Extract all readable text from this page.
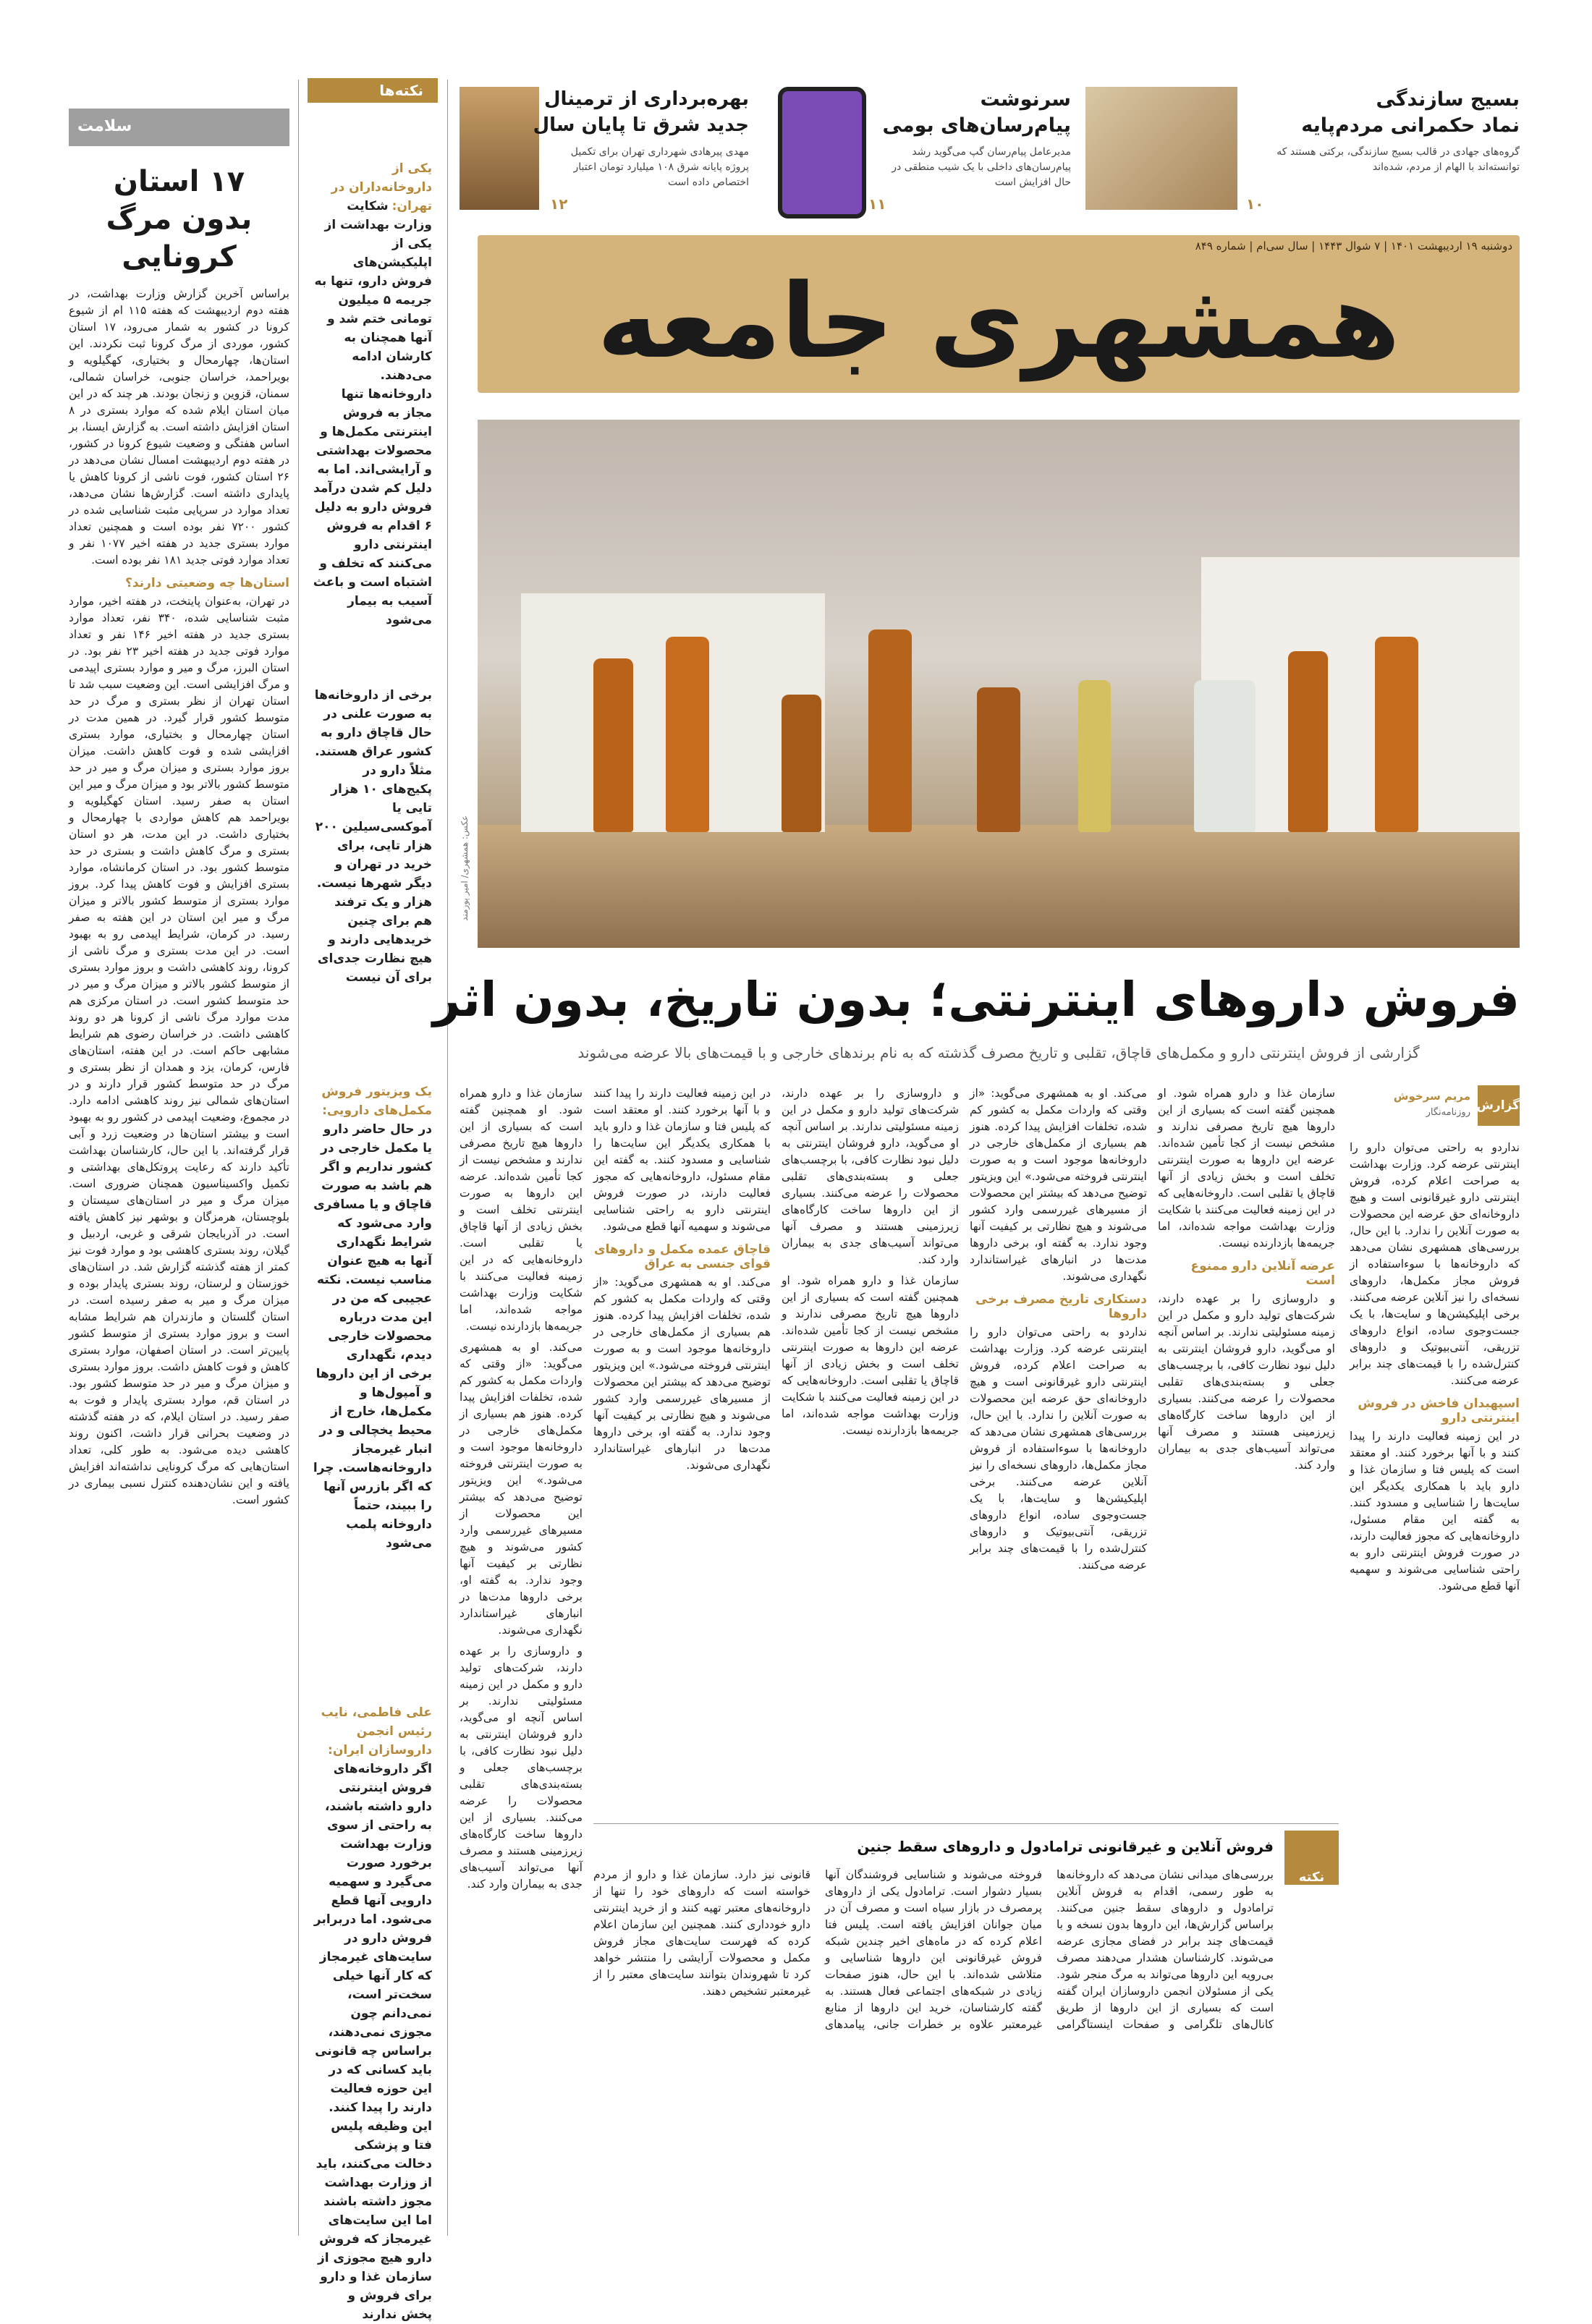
سلامت
۱۷ استان
بدون مرگ کرونایی

براساس آخرین گزارش وزارت بهداشت، در هفته دوم اردیبهشت که هفته ۱۱۵ ام از شیوع کرونا در کشور به شمار می‌رود، ۱۷ استان کشور، موردی از مرگ کرونا ثبت نکردند. این استان‌ها، چهارمحال و بختیاری، کهگیلویه و بویراحمد، خراسان جنوبی، خراسان شمالی، سمنان، قزوین و زنجان بودند. هر چند که در این میان استان ایلام شده که موارد بستری در ۸ استان افزایش داشته است. به گزارش ایسنا، بر اساس هفتگی و وضعیت شیوع کرونا در کشور، در هفته دوم اردیبهشت امسال نشان می‌دهد در ۲۶ استان کشور، فوت ناشی از کرونا کاهش یا پایداری داشته است. گزارش‌ها نشان می‌دهد، تعداد موارد در سرپایی مثبت شناسایی شده در کشور ۷۲۰۰ نفر بوده است و همچنین تعداد موارد بستری جدید در هفته اخیر ۱۰۷۷ نفر و تعداد موارد فوتی جدید ۱۸۱ نفر بوده است.

استان‌ها چه وضعیتی دارند؟

در تهران، به‌عنوان پایتخت، در هفته اخیر، موارد مثبت شناسایی شده، ۳۴۰ نفر، تعداد موارد بستری جدید در هفته اخیر ۱۴۶ نفر و تعداد موارد فوتی جدید در هفته اخیر ۲۳ نفر بود. در استان البرز، مرگ و میر و موارد بستری اپیدمی و مرگ افزایشی است. این وضعیت سبب شد تا استان تهران از نظر بستری و مرگ در حد متوسط کشور قرار گیرد. در همین مدت در استان چهارمحال و بختیاری، موارد بستری افزایشی شده و فوت کاهش داشت. میزان بروز موارد بستری و میزان مرگ و میر در حد متوسط کشور بالاتر بود و میزان مرگ و میر این استان به صفر رسید. استان کهگیلویه و بویراحمد هم کاهش مواردی با چهارمحال و بختیاری داشت. در این مدت، هر دو استان بستری و مرگ کاهش داشت و بستری در حد متوسط کشور بود. در استان کرمانشاه، موارد بستری افزایش و فوت کاهش پیدا کرد. بروز موارد بستری از متوسط کشور بالاتر و میزان مرگ و میر این استان در این هفته به صفر رسید. در کرمان، شرایط اپیدمی رو به بهبود است. در این مدت بستری و مرگ ناشی از کرونا، روند کاهشی داشت و بروز موارد بستری از متوسط کشور بالاتر و میزان مرگ و میر در حد متوسط کشور است. در استان مرکزی هم مدت موارد مرگ ناشی از کرونا هر دو روند کاهشی داشت. در خراسان رضوی هم شرایط مشابهی حاکم است. در این هفته، استان‌های فارس، کرمان، یزد و همدان از نظر بستری و مرگ در حد متوسط کشور قرار دارند و در استان‌های شمالی نیز روند کاهشی ادامه دارد. در مجموع، وضعیت اپیدمی در کشور رو به بهبود است و بیشتر استان‌ها در وضعیت زرد و آبی قرار گرفته‌اند. با این حال، کارشناسان بهداشت تأکید دارند که رعایت پروتکل‌های بهداشتی و تکمیل واکسیناسیون همچنان ضروری است. میزان مرگ و میر در استان‌های سیستان و بلوچستان، هرمزگان و بوشهر نیز کاهش یافته است. در آذربایجان شرقی و غربی، اردبیل و گیلان، روند بستری کاهشی بود و موارد فوت نیز کمتر از هفته گذشته گزارش شد. در استان‌های خوزستان و لرستان، روند بستری پایدار بوده و میزان مرگ و میر به صفر رسیده است. در استان گلستان و مازندران هم شرایط مشابه است و بروز موارد بستری از متوسط کشور پایین‌تر است. در استان اصفهان، موارد بستری کاهش و فوت کاهش داشت. بروز موارد بستری و میزان مرگ و میر در حد متوسط کشور بود. در استان قم، موارد بستری پایدار و فوت به صفر رسید. در استان ایلام، که در هفته گذشته در وضعیت بحرانی قرار داشت، اکنون روند کاهشی دیده می‌شود. به طور کلی، تعداد استان‌هایی که مرگ کرونایی نداشته‌اند افزایش یافته و این نشان‌دهنده کنترل نسبی بیماری در کشور است.

نکته‌ها
یکی از داروخانه‌داران در تهران: شکایت وزارت بهداشت از یکی از اپلیکیشن‌های فروش دارو، تنها به جریمه ۵ میلیون تومانی ختم شد و آنها همچنان به کارشان ادامه می‌دهند. داروخانه‌ها تنها مجاز به فروش اینترنتی مکمل‌ها و محصولات بهداشتی و آرایشی‌اند. اما به دلیل کم شدن درآمد فروش دارو به دلیل ۶ اقدام به فروش اینترنتی دارو می‌کنند که تخلف و اشتباه است و باعث آسیب به بیمار می‌شود
برخی از داروخانه‌ها به صورت علنی در حال قاچاق دارو به کشور عراق هستند. مثلاً دارو در پکیج‌های ۱۰ هزار تایی یا آموکسی‌سیلین ۲۰۰ هزار تایی، برای خرید در تهران و دیگر شهرها نیست. هزار و یک ترفند هم برای چنین خریدهایی دارند و هیچ نظارت جدی‌ای برای آن نیست
یک ویزیتور فروش مکمل‌های دارویی: در حال حاضر دارو یا مکمل خارجی در کشور نداریم و اگر هم باشد به صورت قاچاق و یا مسافری وارد می‌شود که شرایط نگهداری آنها به هیچ عنوان مناسب نیست. نکته عجیبی که من در این مدت درباره محصولات خارجی دیدم، نگهداری برخی از این داروها و آمپول‌ها و مکمل‌ها، خارج از محیط یخچالی و در انبار غیرمجاز داروخانه‌هاست. چرا که اگر بازرس آنها را ببیند، حتماً داروخانه پلمب می‌شود
علی فاطمی، نایب رئیس انجمن داروسازان ایران: اگر داروخانه‌های فروش اینترنتی دارو داشته باشند، به راحتی از سوی وزارت بهداشت برخورد صورت می‌گیرد و سهمیه دارویی آنها قطع می‌شود. اما دربرابر فروش دارو در سایت‌های غیرمجاز که کار آنها خیلی سخت‌تر است، نمی‌دانم چون مجوزی نمی‌دهند، براساس چه قانونی باید کسانی که در این حوزه فعالیت دارند را پیدا کنند. این وظیفه پلیس فتا و پزشکی دخالت می‌کنند، باید از وزارت بهداشت مجوز داشته باشند اما این سایت‌های غیرمجاز که فروش دارو هیچ مجوزی از سازمان غذا و دارو برای فروش و پخش ندارند
بسیج سازندگی
نماد حکمرانی مردم‌پایه
گروه‌های جهادی در قالب بسیج سازندگی، برکتی هستند که توانسته‌اند با الهام از مردم، شده‌اند
۱۰
سرنوشت
پیام‌رسان‌های بومی
مدیرعامل پیام‌رسان گپ می‌گوید رشد پیام‌رسان‌های داخلی با یک شیب منطقی در حال افزایش است
۱۱
بهره‌برداری از ترمینال
جدید شرق تا پایان سال
مهدی پیرهادی شهرداری تهران برای تکمیل پروژه پایانه شرق ۱۰۸ میلیارد تومان اعتبار اختصاص داده است
۱۲
دوشنبه ۱۹ اردیبهشت ۱۴۰۱ | ۷ شوال ۱۴۴۳ | سال سی‌ام | شماره ۸۴۹
همشهری جامعه
عکس: همشهری/ امیر پورمند
فروش داروهای اینترنتی؛ بدون تاریخ، بدون اثر
گزارشی از فروش اینترنتی دارو و مکمل‌های قاچاق، تقلبی و تاریخ مصرف گذشته که به نام برندهای خارجی و با قیمت‌های بالا عرضه می‌شوند
گزارش
مریم سرخوش
روزنامه‌نگار

نداردو به راحتی می‌توان دارو را اینترنتی عرضه کرد. وزارت بهداشت به صراحت اعلام کرده، فروش اینترنتی دارو غیرقانونی است و هیچ داروخانه‌ای حق عرضه این محصولات به صورت آنلاین را ندارد. با این حال، بررسی‌های همشهری نشان می‌دهد که داروخانه‌ها با سوءاستفاده از فروش مجاز مکمل‌ها، داروهای نسخه‌ای را نیز آنلاین عرضه می‌کنند. برخی اپلیکیشن‌ها و سایت‌ها، با یک جست‌وجوی ساده، انواع داروهای تزریقی، آنتی‌بیوتیک و داروهای کنترل‌شده را با قیمت‌های چند برابر عرضه می‌کنند.

اسپهبدان فاخش در فروش اینترنتی دارو

در این زمینه فعالیت دارند را پیدا کنند و با آنها برخورد کنند. او معتقد است که پلیس فتا و سازمان غذا و دارو باید با همکاری یکدیگر این سایت‌ها را شناسایی و مسدود کنند. به گفته این مقام مسئول، داروخانه‌هایی که مجوز فعالیت دارند، در صورت فروش اینترنتی دارو به راحتی شناسایی می‌شوند و سهمیه آنها قطع می‌شود.

سازمان غذا و دارو همراه شود. او همچنین گفته است که بسیاری از این داروها هیچ تاریخ مصرفی ندارند و مشخص نیست از کجا تأمین شده‌اند. عرضه این داروها به صورت اینترنتی تخلف است و بخش زیادی از آنها قاچاق یا تقلبی است. داروخانه‌هایی که در این زمینه فعالیت می‌کنند با شکایت وزارت بهداشت مواجه شده‌اند، اما جریمه‌ها بازدارنده نیست.

عرضه آنلاین دارو ممنوع است

و داروسازی را بر عهده دارند، شرکت‌های تولید دارو و مکمل در این زمینه مسئولیتی ندارند. بر اساس آنچه او می‌گوید، دارو فروشان اینترنتی به دلیل نبود نظارت کافی، با برچسب‌های جعلی و بسته‌بندی‌های تقلبی محصولات را عرضه می‌کنند. بسیاری از این داروها ساخت کارگاه‌های زیرزمینی هستند و مصرف آنها می‌تواند آسیب‌های جدی به بیماران وارد کند.

می‌کند. او به همشهری می‌گوید: «از وقتی که واردات مکمل به کشور کم شده، تخلفات افزایش پیدا کرده. هنوز هم بسیاری از مکمل‌های خارجی در داروخانه‌ها موجود است و به صورت اینترنتی فروخته می‌شود.» این ویزیتور توضیح می‌دهد که بیشتر این محصولات از مسیرهای غیررسمی وارد کشور می‌شوند و هیچ نظارتی بر کیفیت آنها وجود ندارد. به گفته او، برخی داروها مدت‌ها در انبارهای غیراستاندارد نگهداری می‌شوند.

دستکاری تاریخ مصرف برخی داروها

نداردو به راحتی می‌توان دارو را اینترنتی عرضه کرد. وزارت بهداشت به صراحت اعلام کرده، فروش اینترنتی دارو غیرقانونی است و هیچ داروخانه‌ای حق عرضه این محصولات به صورت آنلاین را ندارد. با این حال، بررسی‌های همشهری نشان می‌دهد که داروخانه‌ها با سوءاستفاده از فروش مجاز مکمل‌ها، داروهای نسخه‌ای را نیز آنلاین عرضه می‌کنند. برخی اپلیکیشن‌ها و سایت‌ها، با یک جست‌وجوی ساده، انواع داروهای تزریقی، آنتی‌بیوتیک و داروهای کنترل‌شده را با قیمت‌های چند برابر عرضه می‌کنند.

و داروسازی را بر عهده دارند، شرکت‌های تولید دارو و مکمل در این زمینه مسئولیتی ندارند. بر اساس آنچه او می‌گوید، دارو فروشان اینترنتی به دلیل نبود نظارت کافی، با برچسب‌های جعلی و بسته‌بندی‌های تقلبی محصولات را عرضه می‌کنند. بسیاری از این داروها ساخت کارگاه‌های زیرزمینی هستند و مصرف آنها می‌تواند آسیب‌های جدی به بیماران وارد کند.

سازمان غذا و دارو همراه شود. او همچنین گفته است که بسیاری از این داروها هیچ تاریخ مصرفی ندارند و مشخص نیست از کجا تأمین شده‌اند. عرضه این داروها به صورت اینترنتی تخلف است و بخش زیادی از آنها قاچاق یا تقلبی است. داروخانه‌هایی که در این زمینه فعالیت می‌کنند با شکایت وزارت بهداشت مواجه شده‌اند، اما جریمه‌ها بازدارنده نیست.

در این زمینه فعالیت دارند را پیدا کنند و با آنها برخورد کنند. او معتقد است که پلیس فتا و سازمان غذا و دارو باید با همکاری یکدیگر این سایت‌ها را شناسایی و مسدود کنند. به گفته این مقام مسئول، داروخانه‌هایی که مجوز فعالیت دارند، در صورت فروش اینترنتی دارو به راحتی شناسایی می‌شوند و سهمیه آنها قطع می‌شود.

قاچاق عمده مکمل و داروهای قوای جنسی به عراق

می‌کند. او به همشهری می‌گوید: «از وقتی که واردات مکمل به کشور کم شده، تخلفات افزایش پیدا کرده. هنوز هم بسیاری از مکمل‌های خارجی در داروخانه‌ها موجود است و به صورت اینترنتی فروخته می‌شود.» این ویزیتور توضیح می‌دهد که بیشتر این محصولات از مسیرهای غیررسمی وارد کشور می‌شوند و هیچ نظارتی بر کیفیت آنها وجود ندارد. به گفته او، برخی داروها مدت‌ها در انبارهای غیراستاندارد نگهداری می‌شوند.

سازمان غذا و دارو همراه شود. او همچنین گفته است که بسیاری از این داروها هیچ تاریخ مصرفی ندارند و مشخص نیست از کجا تأمین شده‌اند. عرضه این داروها به صورت اینترنتی تخلف است و بخش زیادی از آنها قاچاق یا تقلبی است. داروخانه‌هایی که در این زمینه فعالیت می‌کنند با شکایت وزارت بهداشت مواجه شده‌اند، اما جریمه‌ها بازدارنده نیست.

می‌کند. او به همشهری می‌گوید: «از وقتی که واردات مکمل به کشور کم شده، تخلفات افزایش پیدا کرده. هنوز هم بسیاری از مکمل‌های خارجی در داروخانه‌ها موجود است و به صورت اینترنتی فروخته می‌شود.» این ویزیتور توضیح می‌دهد که بیشتر این محصولات از مسیرهای غیررسمی وارد کشور می‌شوند و هیچ نظارتی بر کیفیت آنها وجود ندارد. به گفته او، برخی داروها مدت‌ها در انبارهای غیراستاندارد نگهداری می‌شوند.

و داروسازی را بر عهده دارند، شرکت‌های تولید دارو و مکمل در این زمینه مسئولیتی ندارند. بر اساس آنچه او می‌گوید، دارو فروشان اینترنتی به دلیل نبود نظارت کافی، با برچسب‌های جعلی و بسته‌بندی‌های تقلبی محصولات را عرضه می‌کنند. بسیاری از این داروها ساخت کارگاه‌های زیرزمینی هستند و مصرف آنها می‌تواند آسیب‌های جدی به بیماران وارد کند.	نکته
فروش آنلاین و غیرقانونی ترامادول و داروهای سقط جنین

بررسی‌های میدانی نشان می‌دهد که داروخانه‌ها به طور رسمی، اقدام به فروش آنلاین ترامادول و داروهای سقط جنین می‌کنند. براساس گزارش‌ها، این داروها بدون نسخه و با قیمت‌های چند برابر در فضای مجازی عرضه می‌شوند. کارشناسان هشدار می‌دهند مصرف بی‌رویه این داروها می‌تواند به مرگ منجر شود. یکی از مسئولان انجمن داروسازان ایران گفته است که بسیاری از این داروها از طریق کانال‌های تلگرامی و صفحات اینستاگرامی فروخته می‌شوند و شناسایی فروشندگان آنها بسیار دشوار است. ترامادول یکی از داروهای پرمصرف در بازار سیاه است و مصرف آن در میان جوانان افزایش یافته است. پلیس فتا اعلام کرده که در ماه‌های اخیر چندین شبکه فروش غیرقانونی این داروها شناسایی و متلاشی شده‌اند. با این حال، هنوز صفحات زیادی در شبکه‌های اجتماعی فعال هستند. به گفته کارشناسان، خرید این داروها از منابع غیرمعتبر علاوه بر خطرات جانی، پیامدهای قانونی نیز دارد. سازمان غذا و دارو از مردم خواسته است که داروهای خود را تنها از داروخانه‌های معتبر تهیه کنند و از خرید اینترنتی دارو خودداری کنند. همچنین این سازمان اعلام کرده که فهرست سایت‌های مجاز فروش مکمل و محصولات آرایشی را منتشر خواهد کرد تا شهروندان بتوانند سایت‌های معتبر را از غیرمعتبر تشخیص دهند.
